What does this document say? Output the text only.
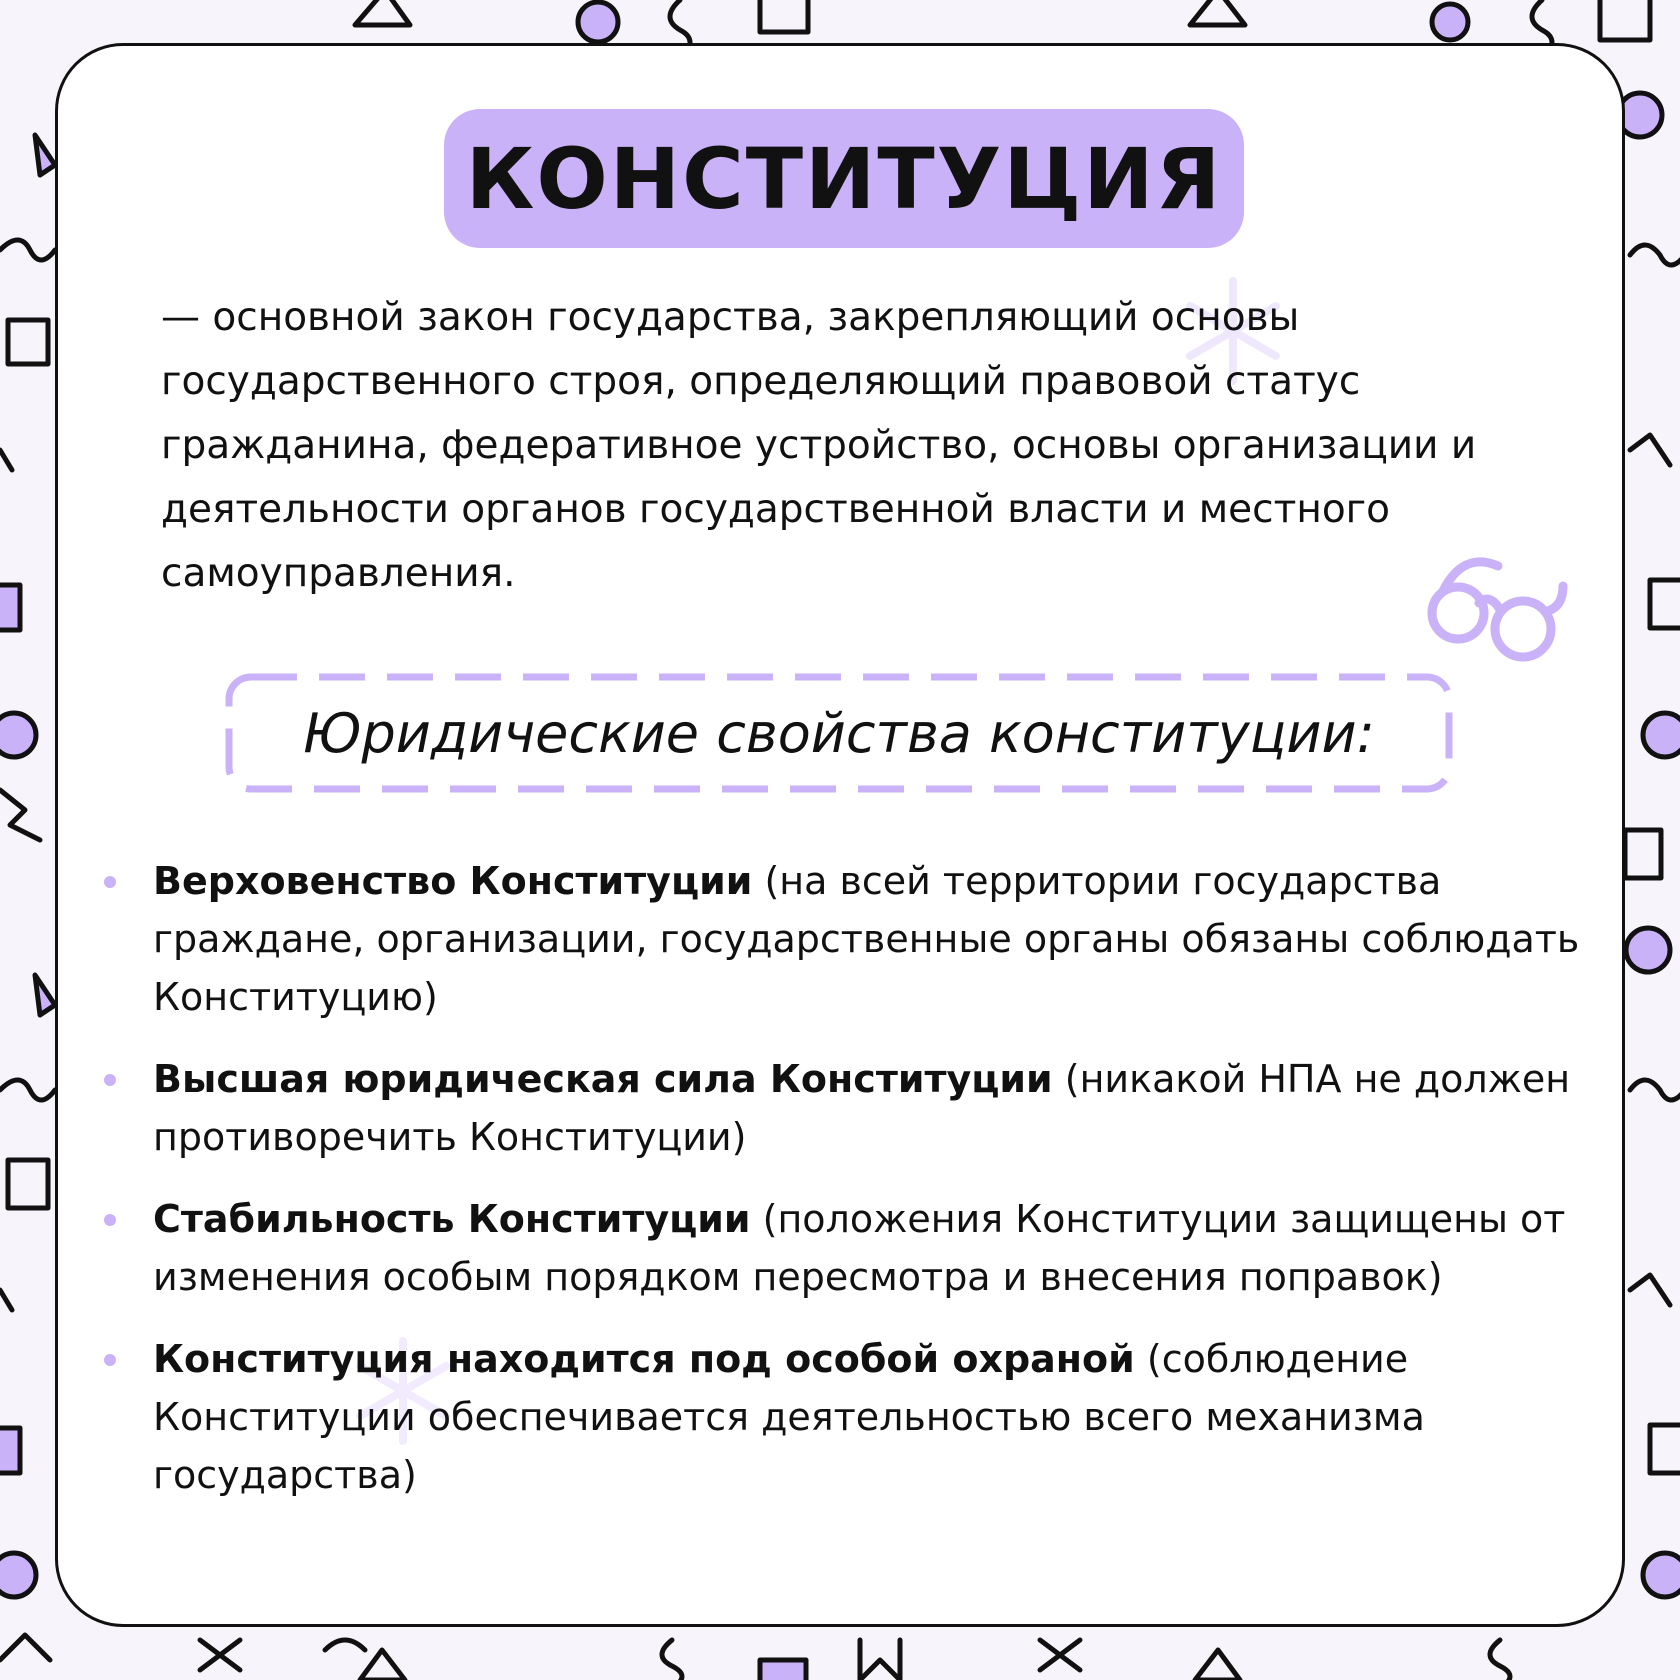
КОНСТИТУЦИЯ

— основной закон государства, закрепляющий основы государственного строя, определяющий правовой статус гражданина, федеративное устройство, основы организации и деятельности органов государственной власти и местного самоуправления.

Юридические свойства конституции:
Верховенство Конституции (на всей территории государства граждане, организации, государственные органы обязаны соблюдать Конституцию)
Высшая юридическая сила Конституции (никакой НПА не должен противоречить Конституции)
Стабильность Конституции (положения Конституции защищены от изменения особым порядком пересмотра и внесения поправок)
Конституция находится под особой охраной (соблюдение Конституции обеспечивается деятельностью всего механизма государства)
